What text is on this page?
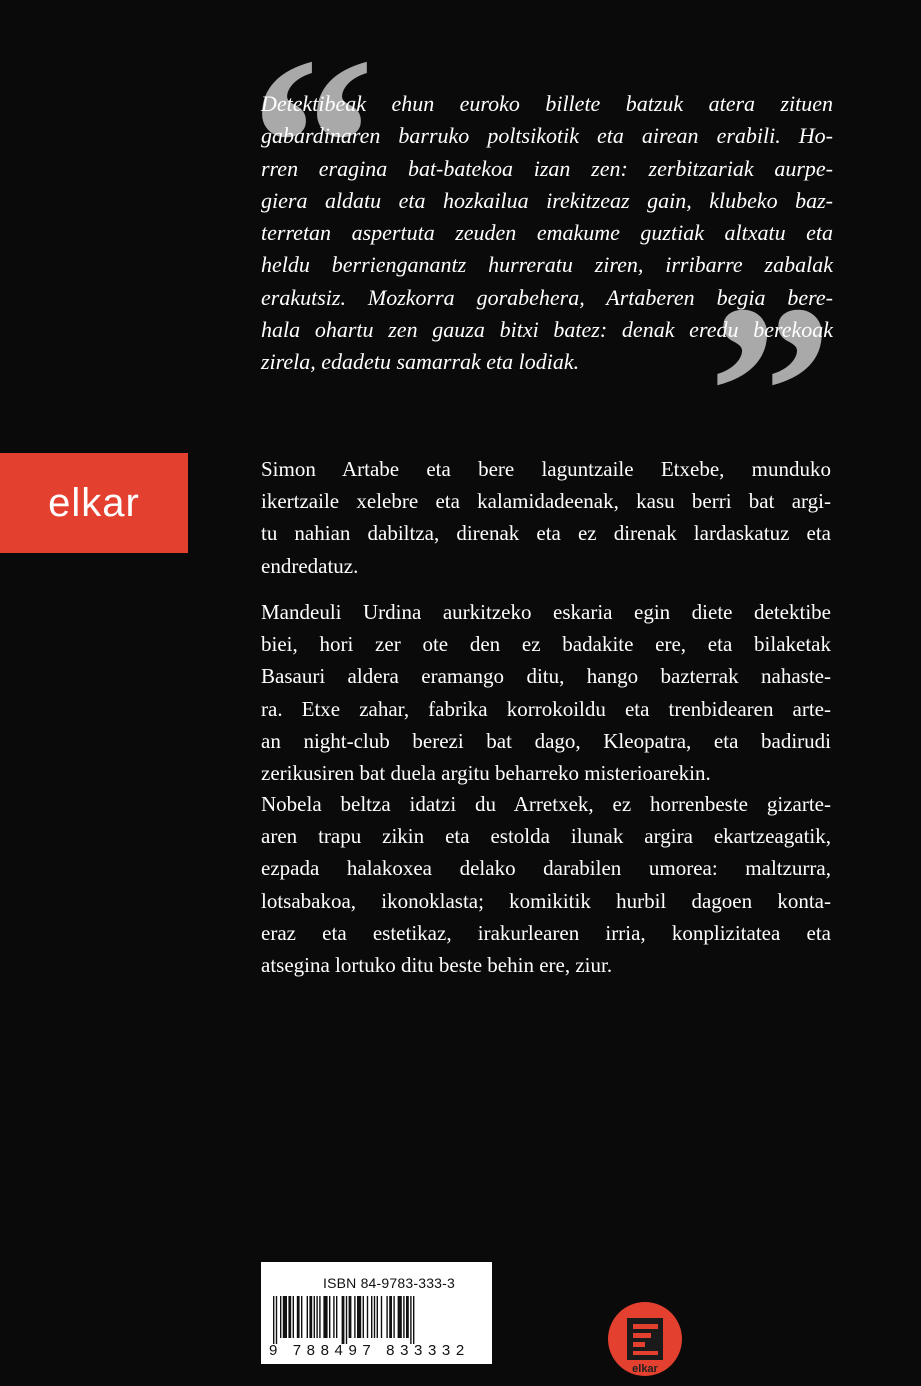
“
”
Detektibeak ehun euroko billete batzuk atera zituen
gabardinaren barruko poltsikotik eta airean erabili. Ho-
rren eragina bat-batekoa izan zen: zerbitzariak aurpe-
giera aldatu eta hozkailua irekitzeaz gain, klubeko baz-
terretan aspertuta zeuden emakume guztiak altxatu eta
heldu berrienganantz hurreratu ziren, irribarre zabalak
erakutsiz. Mozkorra gorabehera, Artaberen begia bere-
hala ohartu zen gauza bitxi batez: denak eredu berekoak
zirela, edadetu samarrak eta lodiak.
elkar
Simon Artabe eta bere laguntzaile Etxebe, munduko
ikertzaile xelebre eta kalamidadeenak, kasu berri bat argi-
tu nahian dabiltza, direnak eta ez direnak lardaskatuz eta
endredatuz.
Mandeuli Urdina aurkitzeko eskaria egin diete detektibe
biei, hori zer ote den ez badakite ere, eta bilaketak
Basauri aldera eramango ditu, hango bazterrak nahaste-
ra. Etxe zahar, fabrika korrokoildu eta trenbidearen arte-
an night-club berezi bat dago, Kleopatra, eta badirudi
zerikusiren bat duela argitu beharreko misterioarekin.
Nobela beltza idatzi du Arretxek, ez horrenbeste gizarte-
aren trapu zikin eta estolda ilunak argira ekartzeagatik,
ezpada halakoxea delako darabilen umorea: maltzurra,
lotsabakoa, ikonoklasta; komikitik hurbil dagoen konta-
eraz eta estetikaz, irakurlearen irria, konplizitatea eta
atsegina lortuko ditu beste behin ere, ziur.
ISBN 84-9783-333-3
9 788497 833332
elkar
